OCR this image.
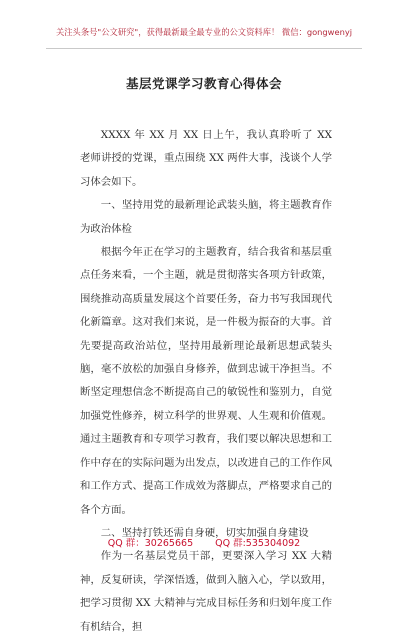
关注头条号"公文研究"，获得最新最全最专业的公文资料库！ 微信：gongwenyj
基层党课学习教育心得体会

XXXX 年 XX 月 XX 日上午，我认真聆听了 XX 老师讲授的党课，重点围绕 XX 两件大事，浅谈个人学习体会如下。

一、坚持用党的最新理论武装头脑，将主题教育作为政治体检

根据今年正在学习的主题教育，结合我省和基层重点任务来看，一个主题，就是贯彻落实各项方针政策，围绕推动高质量发展这个首要任务，奋力书写我国现代化新篇章。这对我们来说，是一件极为振奋的大事。首先要提高政治站位，坚持用最新理论最新思想武装头脑，毫不放松的加强自身修养，做到忠诚干净担当。不断坚定理想信念不断提高自己的敏锐性和鉴别力，自觉加强党性修养，树立科学的世界观、人生观和价值观。通过主题教育和专项学习教育，我们要以解决思想和工作中存在的实际问题为出发点，以改进自己的工作作风和工作方式、提高工作成效为落脚点，严格要求自己的各个方面。

二、坚持打铁还需自身硬，切实加强自身建设

作为一名基层党员干部，更要深入学习 XX 大精神，反复研读，学深悟透，做到入脑入心，学以致用，把学习贯彻 XX 大精神与完成目标任务和归划年度工作有机结合，担

QQ 群：30265665 QQ 群:535304092
